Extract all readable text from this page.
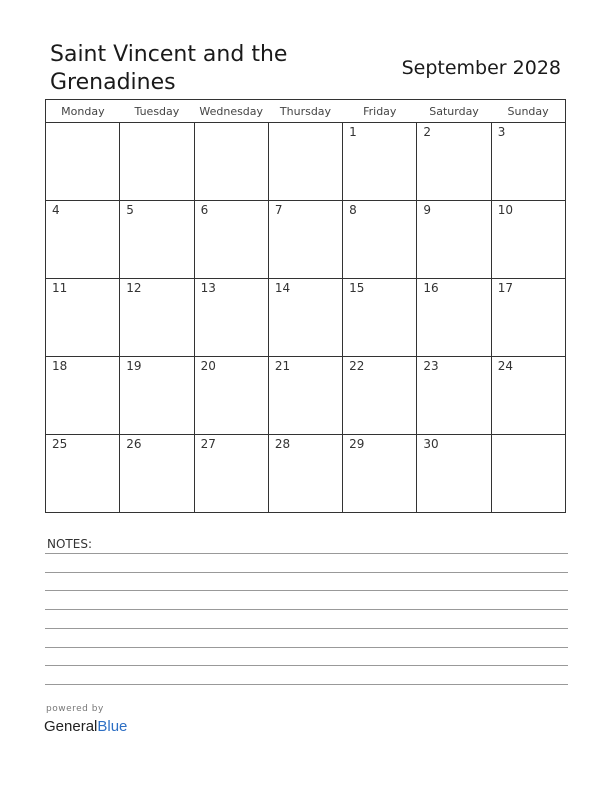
Saint Vincent and the Grenadines
September 2028
Monday	Tuesday	Wednesday	Thursday	Friday	Saturday	Sunday

				1	2	3

4	5	6	7	8	9	10

11	12	13	14	15	16	17

18	19	20	21	22	23	24

25	26	27	28	29	30	

NOTES:
powered by
GeneralBlue
